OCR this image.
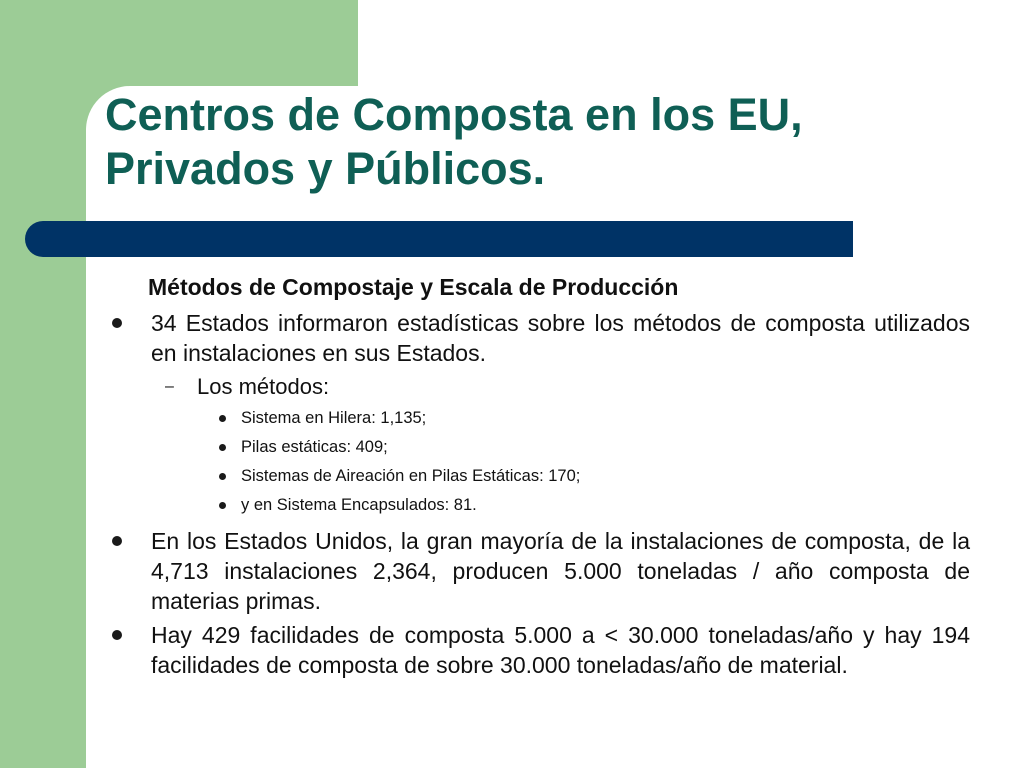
Centros de Composta en los EU,
Privados y Públicos.

Métodos de Compostaje y Escala de Producción

34 Estados informaron estadísticas sobre los métodos de composta utilizados en instalaciones en sus Estados.
– Los métodos:
Sistema en Hilera: 1,135;
Pilas estáticas: 409;
Sistemas de Aireación en Pilas Estáticas: 170;
y en Sistema Encapsulados: 81.
En los Estados Unidos, la gran mayoría de la instalaciones de composta, de la 4,713 instalaciones 2,364, producen 5.000 toneladas / año composta de materias primas.
Hay 429 facilidades de composta 5.000 a < 30.000 toneladas/año y hay 194 facilidades de composta de sobre 30.000 toneladas/año de material.
